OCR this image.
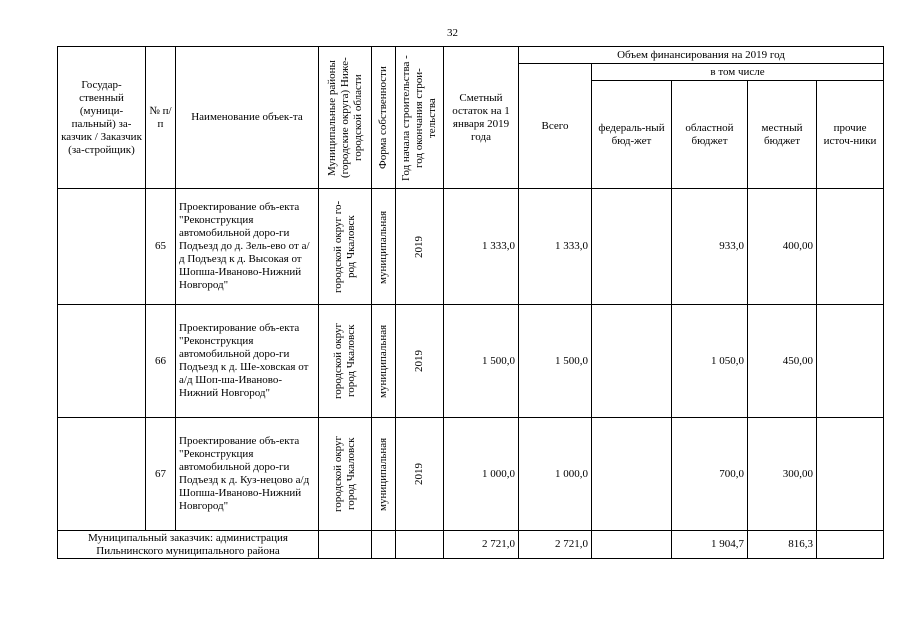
32
Государ-ственный (муници-пальный) за-казчик / Заказчик (за-стройщик)	№ п/п	Наименование объек-та	Муниципальные районы (городские округа) Ниже-городской области	Форма собственности	Год начала строительства - год окончания строи-тельства	Сметный остаток на 1 января 2019 года	Объем финансирования на 2019 год				
							Всего	в том числе			
								федераль-ный бюд-жет	областной бюджет	местный бюджет	прочие источ-ники
	65	Проектирование объ-екта "Реконструкция автомобильной доро-ги Подъезд до д. Зель-ево от а/д Подъезд к д. Высокая от Шопша-Иваново-Нижний Новгород"	городской округ го-род Чкаловск	муниципальная	2019	1 333,0	1 333,0		933,0	400,00	
	66	Проектирование объ-екта "Реконструкция автомобильной доро-ги Подъезд к д. Ше-ховская от а/д Шоп-ша-Иваново-Нижний Новгород"	городской округ город Чкаловск	муниципальная	2019	1 500,0	1 500,0		1 050,0	450,00	
	67	Проектирование объ-екта "Реконструкция автомобильной доро-ги Подъезд к д. Куз-нецово а/д Шопша-Иваново-Нижний Новгород"	городской округ город Чкаловск	муниципальная	2019	1 000,0	1 000,0		700,0	300,00	
Муниципальный заказчик: администрация Пильнинского муниципального района						2 721,0	2 721,0		1 904,7	816,3	
